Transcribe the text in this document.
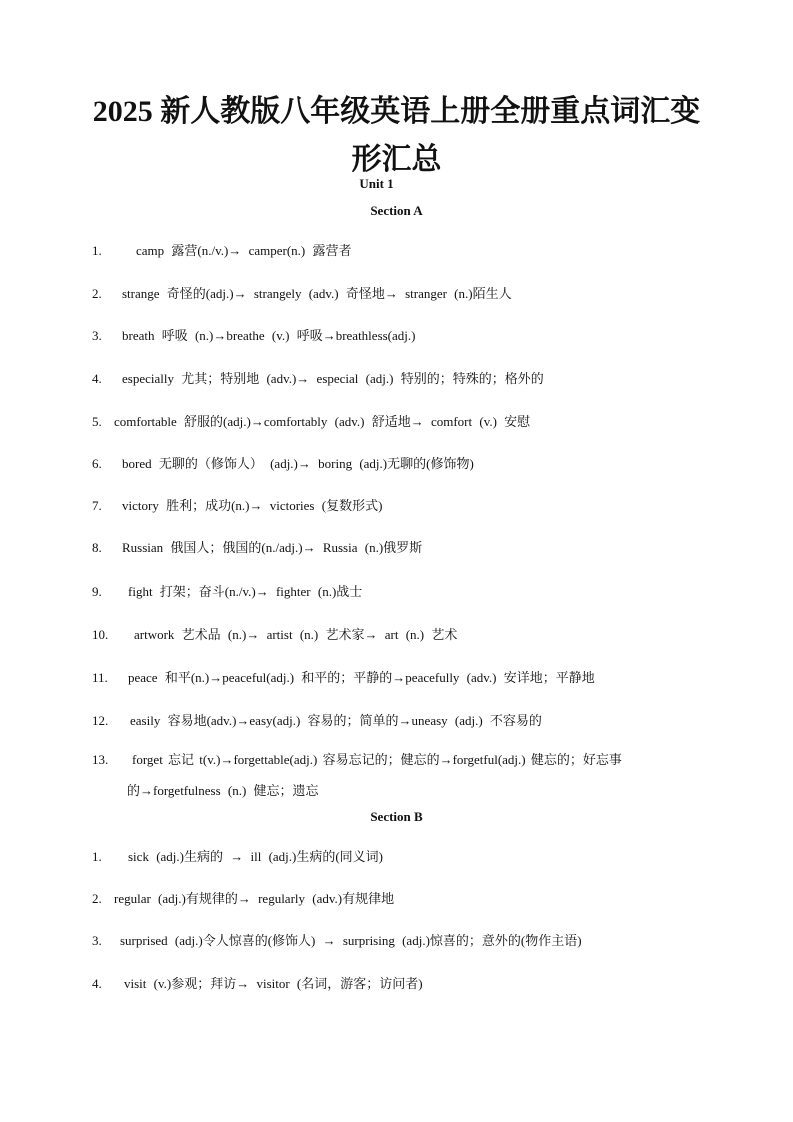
2025 新人教版八年级英语上册全册重点词汇变
形汇总
Unit 1
Section A
1.	camp 露营(n./v.)→ camper(n.) 露营者
2. strange 奇怪的(adj.)→ strangely (adv.) 奇怪地→ stranger (n.)陌生人
3. breath 呼吸 (n.)→breathe (v.) 呼吸→breathless(adj.)
4. especially 尤其；特别地 (adv.)→ especial (adj.) 特别的；特殊的；格外的
5. comfortable 舒服的(adj.)→comfortably (adv.) 舒适地→ comfort (v.) 安慰
6. bored 无聊的（修饰人） (adj.)→ boring (adj.)无聊的(修饰物)
7. victory 胜利；成功(n.)→ victories (复数形式)
8. Russian 俄国人；俄国的(n./adj.)→ Russia (n.)俄罗斯
9. fight 打架；奋斗(n./v.)→ fighter (n.)战士
10. artwork 艺术品 (n.)→ artist (n.) 艺术家→ art (n.) 艺术
11. peace 和平(n.)→peaceful(adj.) 和平的；平静的→peacefully (adv.) 安详地；平静地
12. easily 容易地(adv.)→easy(adj.) 容易的；简单的→uneasy (adj.) 不容易的
13. forget 忘记 t(v.)→forgettable(adj.) 容易忘记的；健忘的→forgetful(adj.) 健忘的；好忘事
的→forgetfulness (n.) 健忘；遗忘
Section B
1. sick (adj.)生病的 → ill (adj.)生病的(同义词)
2. regular (adj.)有规律的→ regularly (adv.)有规律地
3. surprised (adj.)令人惊喜的(修饰人) → surprising (adj.)惊喜的；意外的(物作主语)
4. visit (v.)参观；拜访→ visitor (名词，游客；访问者)
